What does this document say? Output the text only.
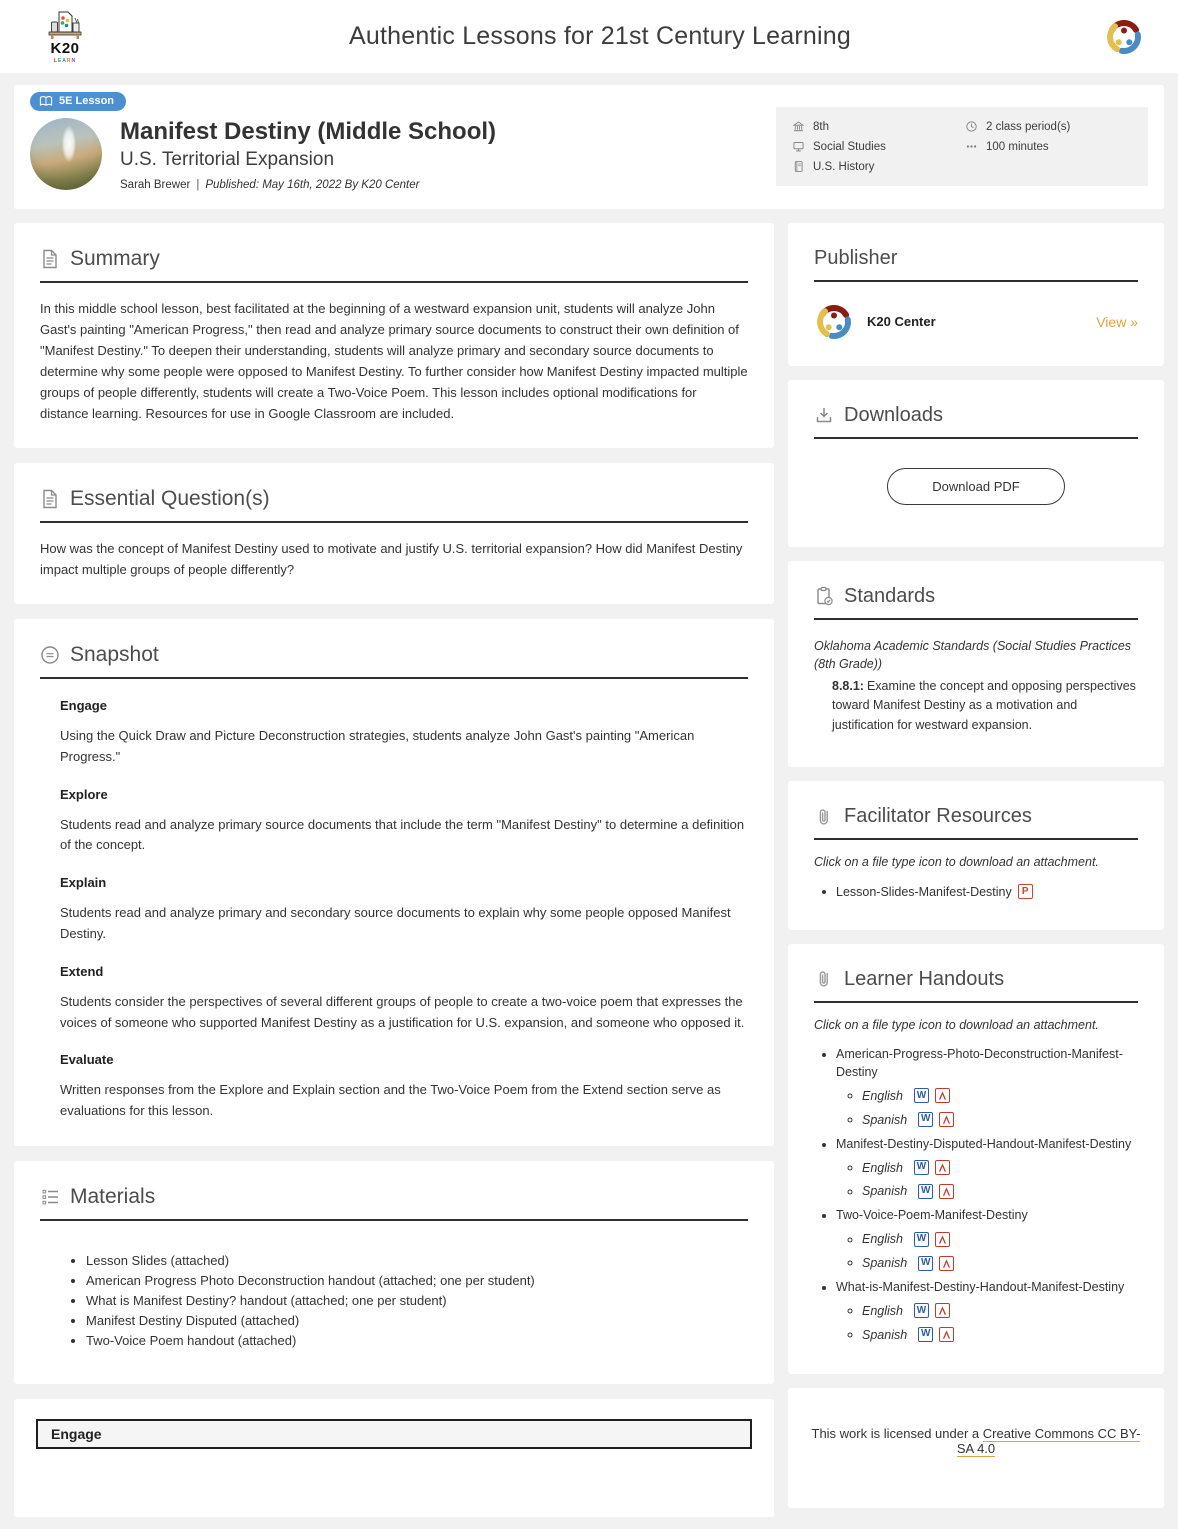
K20
LEARN
Authentic Lessons for 21st Century Learning
5E Lesson
Manifest Destiny (Middle School)
U.S. Territorial Expansion
Sarah Brewer | Published: May 16th, 2022 By K20 Center
8th
Social Studies
U.S. History
2 class period(s)
100 minutes
Summary
In this middle school lesson, best facilitated at the beginning of a westward expansion unit, students will analyze John Gast's painting "American Progress," then read and analyze primary source documents to construct their own definition of "Manifest Destiny." To deepen their understanding, students will analyze primary and secondary source documents to determine why some people were opposed to Manifest Destiny. To further consider how Manifest Destiny impacted multiple groups of people differently, students will create a Two-Voice Poem. This lesson includes optional modifications for distance learning. Resources for use in Google Classroom are included.
Essential Question(s)
How was the concept of Manifest Destiny used to motivate and justify U.S. territorial expansion? How did Manifest Destiny impact multiple groups of people differently?
Snapshot
Engage
Using the Quick Draw and Picture Deconstruction strategies, students analyze John Gast's painting "American Progress."
Explore
Students read and analyze primary source documents that include the term "Manifest Destiny" to determine a definition of the concept.
Explain
Students read and analyze primary and secondary source documents to explain why some people opposed Manifest Destiny.
Extend
Students consider the perspectives of several different groups of people to create a two-voice poem that expresses the voices of someone who supported Manifest Destiny as a justification for U.S. expansion, and someone who opposed it.
Evaluate
Written responses from the Explore and Explain section and the Two-Voice Poem from the Extend section serve as evaluations for this lesson.
Materials
• Lesson Slides (attached)
• American Progress Photo Deconstruction handout (attached; one per student)
• What is Manifest Destiny? handout (attached; one per student)
• Manifest Destiny Disputed (attached)
• Two-Voice Poem handout (attached)
Engage
Publisher
K20 Center	View »
Downloads
Download PDF
Standards
Oklahoma Academic Standards (Social Studies Practices (8th Grade))
8.8.1: Examine the concept and opposing perspectives toward Manifest Destiny as a motivation and justification for westward expansion.
Facilitator Resources
Click on a file type icon to download an attachment.
• Lesson-Slides-Manifest-Destiny	P
Learner Handouts
Click on a file type icon to download an attachment.
• American-Progress-Photo-Deconstruction-Manifest-Destiny
◦ English W
◦ Spanish W
• Manifest-Destiny-Disputed-Handout-Manifest-Destiny
◦ English W
◦ Spanish W
• Two-Voice-Poem-Manifest-Destiny
◦ English W
◦ Spanish W
• What-is-Manifest-Destiny-Handout-Manifest-Destiny
◦ English W
◦ Spanish W
This work is licensed under a Creative Commons CC BY-SA 4.0
